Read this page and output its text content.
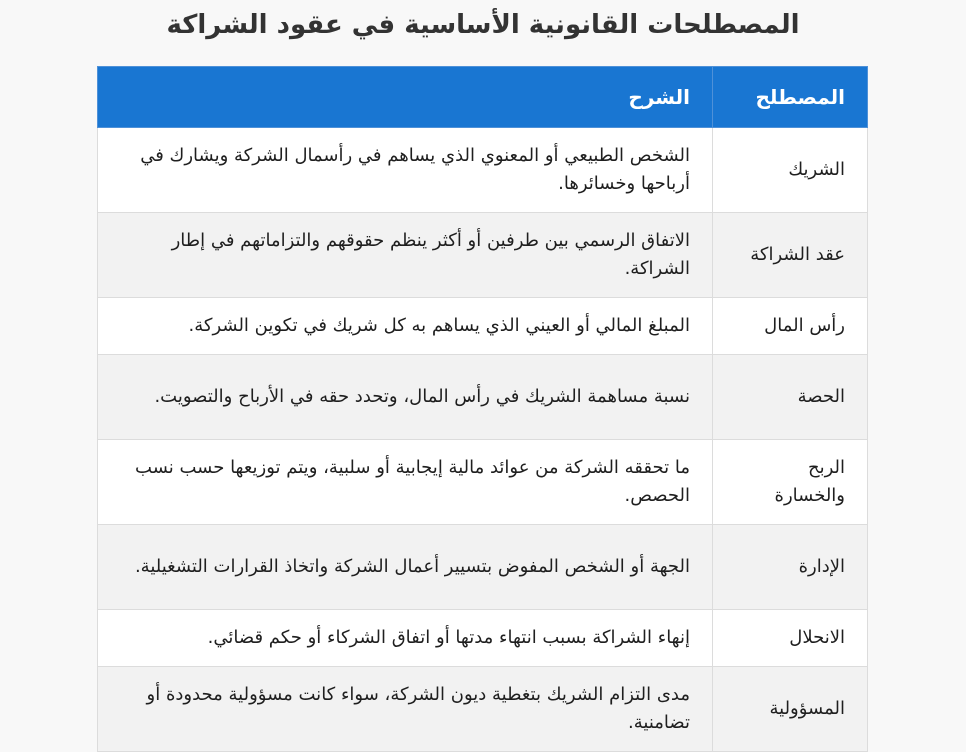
المصطلحات القانونية الأساسية في عقود الشراكة
المصطلح	الشرح
الشريك	الشخص الطبيعي أو المعنوي الذي يساهم في رأسمال الشركة ويشارك في أرباحها وخسائرها.
عقد الشراكة	الاتفاق الرسمي بين طرفين أو أكثر ينظم حقوقهم والتزاماتهم في إطار الشراكة.
رأس المال	المبلغ المالي أو العيني الذي يساهم به كل شريك في تكوين الشركة.
الحصة	نسبة مساهمة الشريك في رأس المال، وتحدد حقه في الأرباح والتصويت.
الربح والخسارة	ما تحققه الشركة من عوائد مالية إيجابية أو سلبية، ويتم توزيعها حسب نسب الحصص.
الإدارة	الجهة أو الشخص المفوض بتسيير أعمال الشركة واتخاذ القرارات التشغيلية.
الانحلال	إنهاء الشراكة بسبب انتهاء مدتها أو اتفاق الشركاء أو حكم قضائي.
المسؤولية	مدى التزام الشريك بتغطية ديون الشركة، سواء كانت مسؤولية محدودة أو تضامنية.
